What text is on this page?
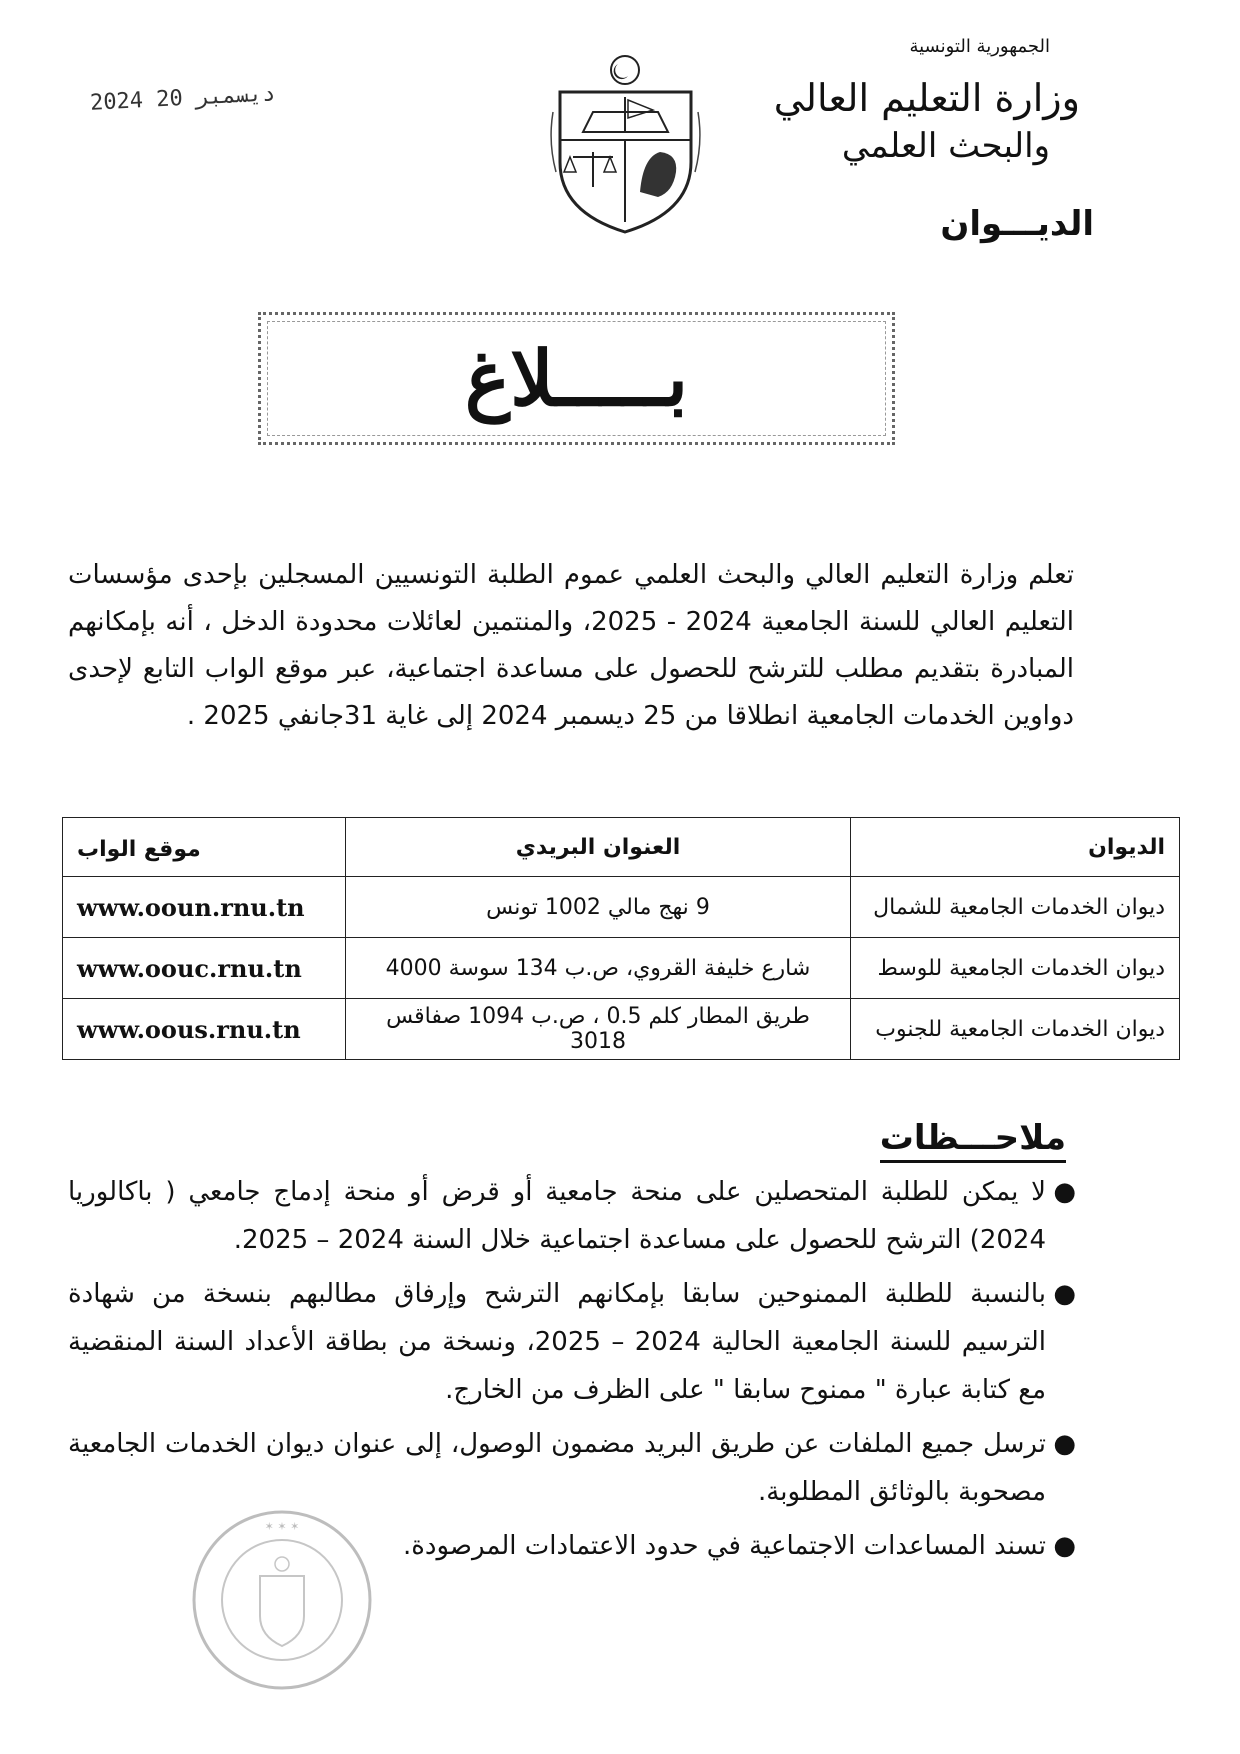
الجمهورية التونسية
وزارة التعليم العالي
والبحث العلمي
الديـــوان
2024 ديسمبر 20
بـــــلاغ
تعلم وزارة التعليم العالي والبحث العلمي عموم الطلبة التونسيين المسجلين بإحدى مؤسسات التعليم العالي للسنة الجامعية 2024 - 2025، والمنتمين لعائلات محدودة الدخل ، أنه بإمكانهم المبادرة بتقديم مطلب للترشح للحصول على مساعدة اجتماعية، عبر موقع الواب التابع لإحدى دواوين الخدمات الجامعية انطلاقا من 25 ديسمبر 2024 إلى غاية 31جانفي 2025 .
الديوان	العنوان البريدي	موقع الواب
ديوان الخدمات الجامعية للشمال	9 نهج مالي 1002 تونس	www.ooun.rnu.tn
ديوان الخدمات الجامعية للوسط	شارع خليفة القروي، ص.ب 134 سوسة 4000	www.oouc.rnu.tn
ديوان الخدمات الجامعية للجنوب	طريق المطار كلم 0.5 ، ص.ب 1094 صفاقس 3018	www.oous.rnu.tn
ملاحـــظات
●
لا يمكن للطلبة المتحصلين على منحة جامعية أو قرض أو منحة إدماج جامعي ( باكالوريا 2024) الترشح للحصول على مساعدة اجتماعية خلال السنة 2024 – 2025.
●
بالنسبة للطلبة الممنوحين سابقا بإمكانهم الترشح وإرفاق مطالبهم بنسخة من شهادة الترسيم للسنة الجامعية الحالية 2024 – 2025، ونسخة من بطاقة الأعداد السنة المنقضية مع كتابة عبارة " ممنوح سابقا " على الظرف من الخارج.
●
ترسل جميع الملفات عن طريق البريد مضمون الوصول، إلى عنوان ديوان الخدمات الجامعية مصحوبة بالوثائق المطلوبة.
●
تسند المساعدات الاجتماعية في حدود الاعتمادات المرصودة.
✶ ✶ ✶
